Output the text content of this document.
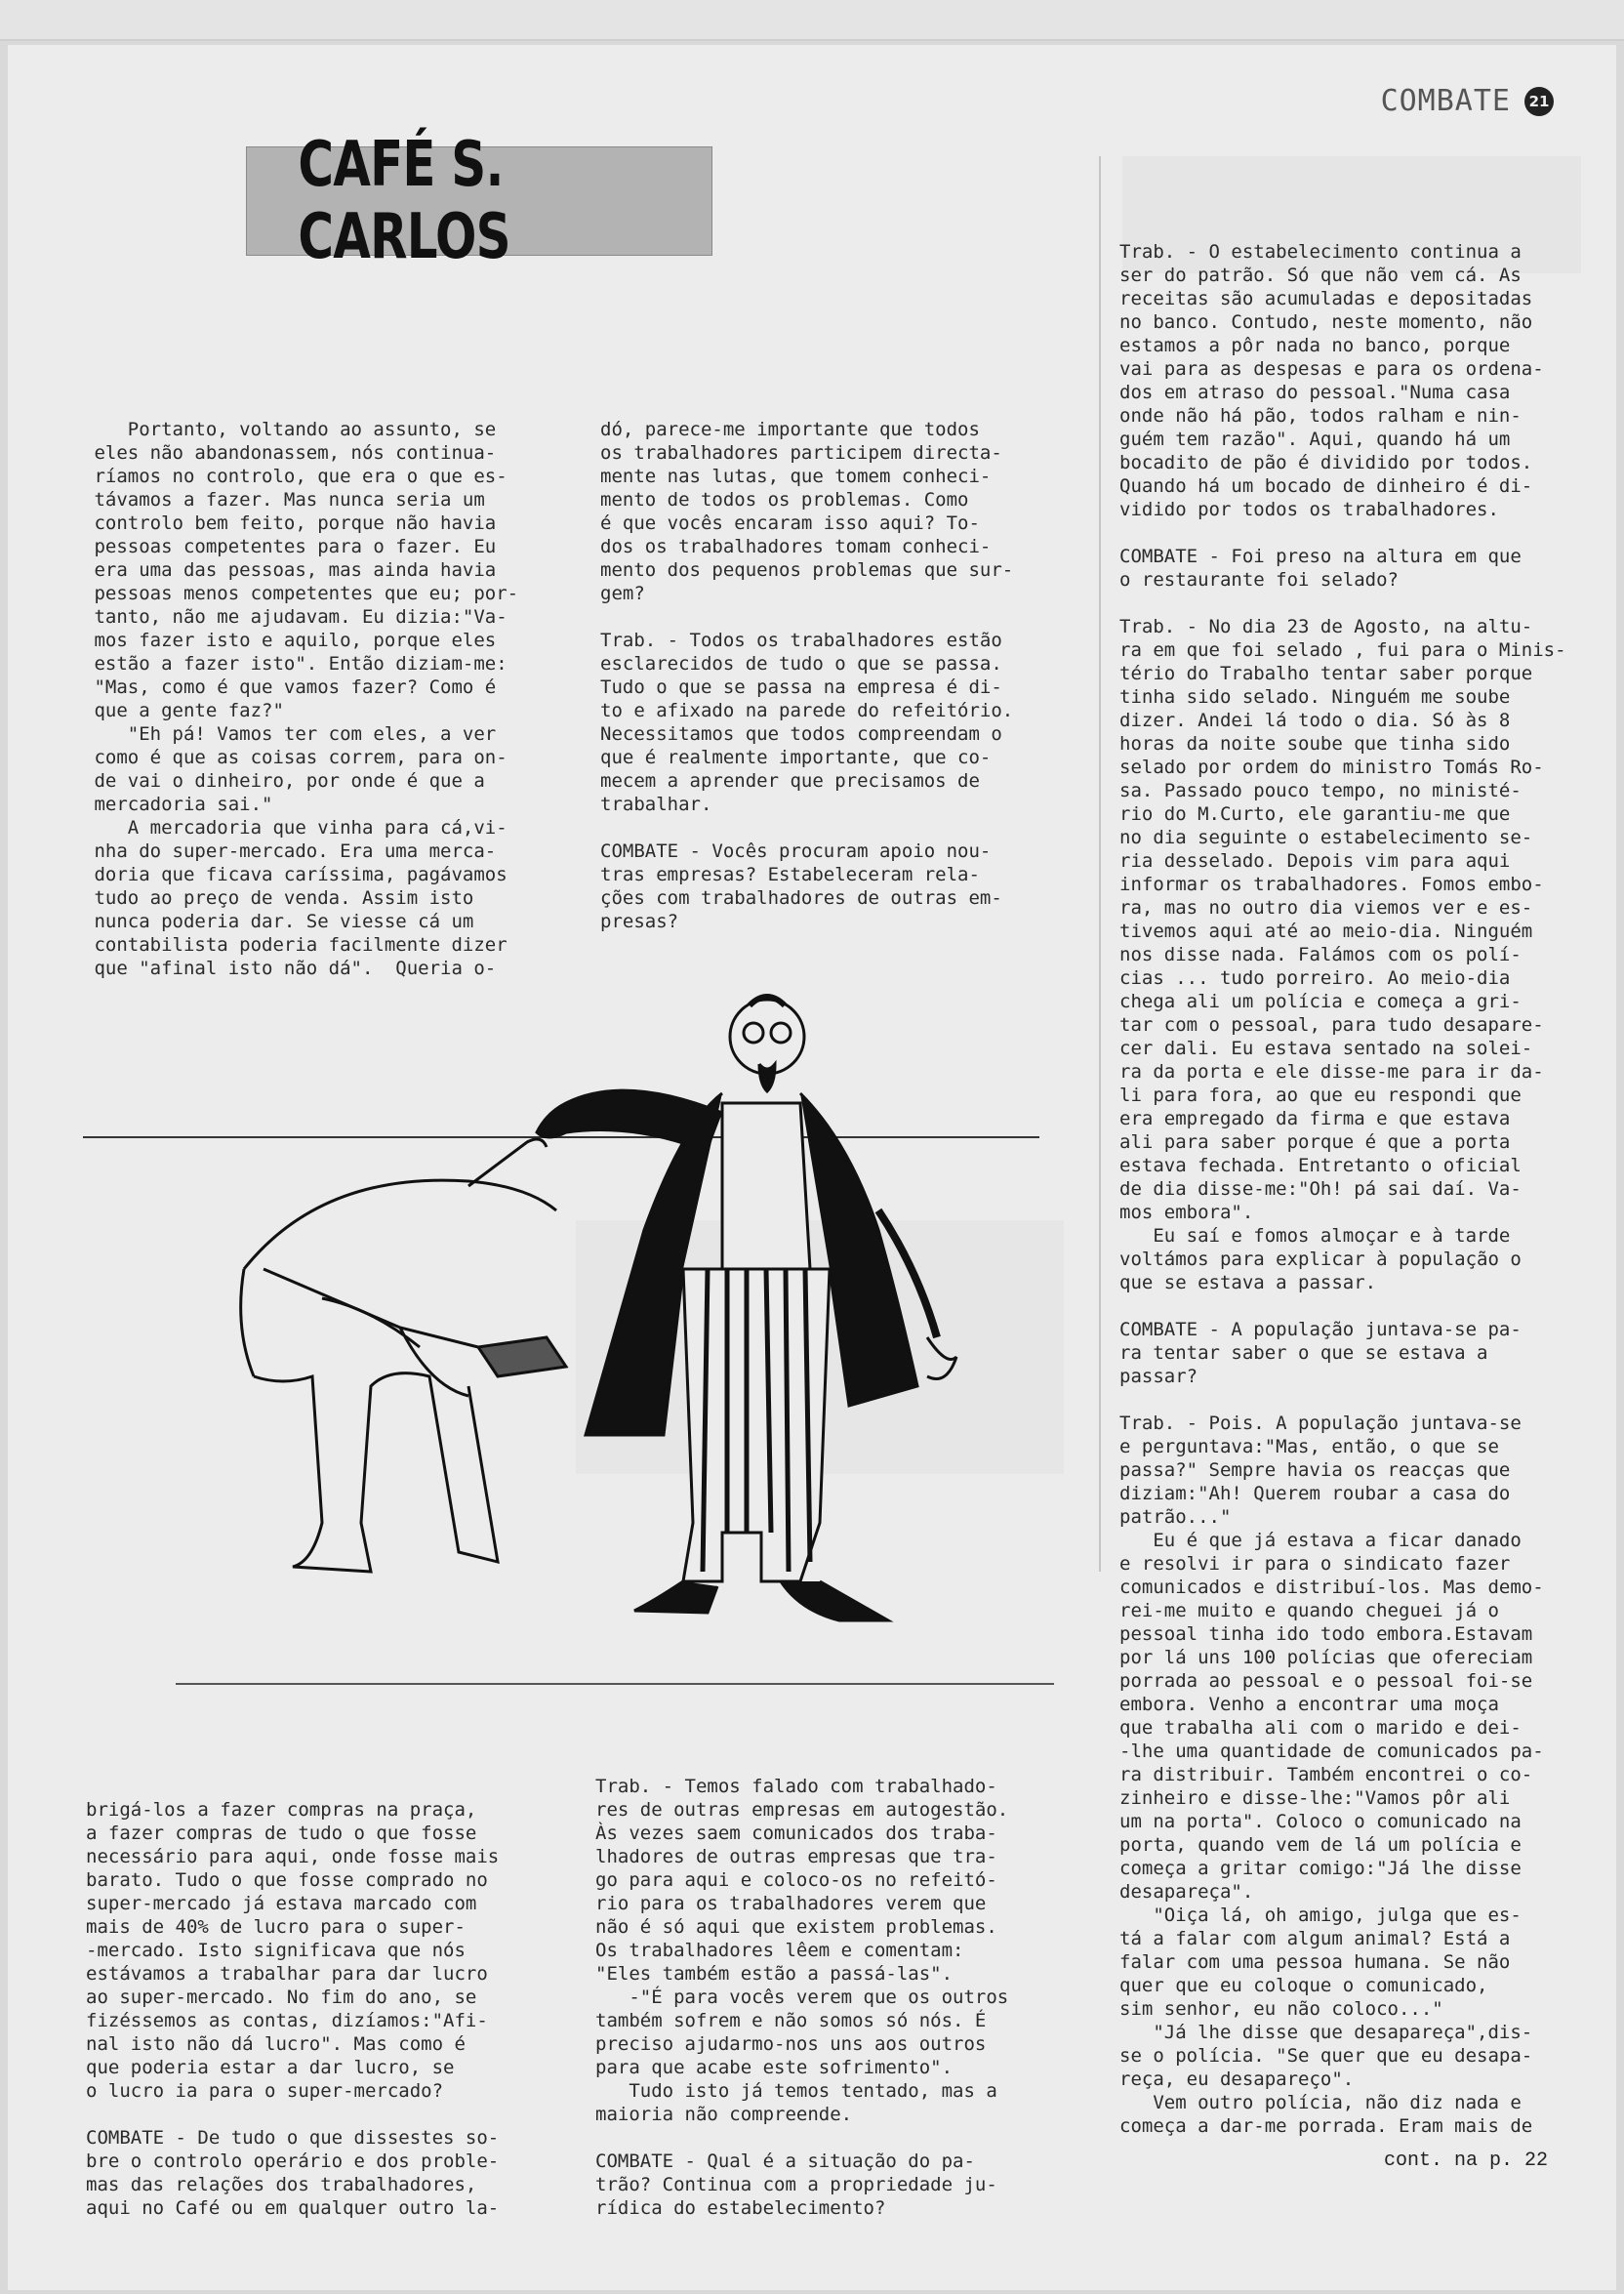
COMBATE	21
CAFÉ S. CARLOS
Portanto, voltando ao assunto, se
eles não abandonassem, nós continua-
ríamos no controlo, que era o que es-
távamos a fazer. Mas nunca seria um
controlo bem feito, porque não havia
pessoas competentes para o fazer. Eu
era uma das pessoas, mas ainda havia
pessoas menos competentes que eu; por-
tanto, não me ajudavam. Eu dizia:"Va-
mos fazer isto e aquilo, porque eles
estão a fazer isto". Então diziam-me:
"Mas, como é que vamos fazer? Como é
que a gente faz?"
"Eh pá! Vamos ter com eles, a ver
como é que as coisas correm, para on-
de vai o dinheiro, por onde é que a
mercadoria sai."
A mercadoria que vinha para cá,vi-
nha do super-mercado. Era uma merca-
doria que ficava caríssima, pagávamos
tudo ao preço de venda. Assim isto
nunca poderia dar. Se viesse cá um
contabilista poderia facilmente dizer
que "afinal isto não dá".  Queria o-
dó, parece-me importante que todos
os trabalhadores participem directa-
mente nas lutas, que tomem conheci-
mento de todos os problemas. Como
é que vocês encaram isso aqui? To-
dos os trabalhadores tomam conheci-
mento dos pequenos problemas que sur-
gem?

Trab. - Todos os trabalhadores estão
esclarecidos de tudo o que se passa.
Tudo o que se passa na empresa é di-
to e afixado na parede do refeitório.
Necessitamos que todos compreendam o
que é realmente importante, que co-
mecem a aprender que precisamos de
trabalhar.

COMBATE - Vocês procuram apoio nou-
tras empresas? Estabeleceram rela-
ções com trabalhadores de outras em-
presas?
Trab. - O estabelecimento continua a
ser do patrão. Só que não vem cá. As
receitas são acumuladas e depositadas
no banco. Contudo, neste momento, não
estamos a pôr nada no banco, porque
vai para as despesas e para os ordena-
dos em atraso do pessoal."Numa casa
onde não há pão, todos ralham e nin-
guém tem razão". Aqui, quando há um
bocadito de pão é dividido por todos.
Quando há um bocado de dinheiro é di-
vidido por todos os trabalhadores.

COMBATE - Foi preso na altura em que
o restaurante foi selado?

Trab. - No dia 23 de Agosto, na altu-
ra em que foi selado , fui para o Minis-
tério do Trabalho tentar saber porque
tinha sido selado. Ninguém me soube
dizer. Andei lá todo o dia. Só às 8
horas da noite soube que tinha sido
selado por ordem do ministro Tomás Ro-
sa. Passado pouco tempo, no ministé-
rio do M.Curto, ele garantiu-me que
no dia seguinte o estabelecimento se-
ria desselado. Depois vim para aqui
informar os trabalhadores. Fomos embo-
ra, mas no outro dia viemos ver e es-
tivemos aqui até ao meio-dia. Ninguém
nos disse nada. Falámos com os polí-
cias ... tudo porreiro. Ao meio-dia
chega ali um polícia e começa a gri-
tar com o pessoal, para tudo desapare-
cer dali. Eu estava sentado na solei-
ra da porta e ele disse-me para ir da-
li para fora, ao que eu respondi que
era empregado da firma e que estava
ali para saber porque é que a porta
estava fechada. Entretanto o oficial
de dia disse-me:"Oh! pá sai daí. Va-
mos embora".
Eu saí e fomos almoçar e à tarde
voltámos para explicar à população o
que se estava a passar.

COMBATE - A população juntava-se pa-
ra tentar saber o que se estava a
passar?

Trab. - Pois. A população juntava-se
e perguntava:"Mas, então, o que se
passa?" Sempre havia os reacças que
diziam:"Ah! Querem roubar a casa do
patrão..."
Eu é que já estava a ficar danado
e resolvi ir para o sindicato fazer
comunicados e distribuí-los. Mas demo-
rei-me muito e quando cheguei já o
pessoal tinha ido todo embora.Estavam
por lá uns 100 polícias que ofereciam
porrada ao pessoal e o pessoal foi-se
embora. Venho a encontrar uma moça
que trabalha ali com o marido e dei-
-lhe uma quantidade de comunicados pa-
ra distribuir. Também encontrei o co-
zinheiro e disse-lhe:"Vamos pôr ali
um na porta". Coloco o comunicado na
porta, quando vem de lá um polícia e
começa a gritar comigo:"Já lhe disse
desapareça".
"Oiça lá, oh amigo, julga que es-
tá a falar com algum animal? Está a
falar com uma pessoa humana. Se não
quer que eu coloque o comunicado,
sim senhor, eu não coloco..."
"Já lhe disse que desapareça",dis-
se o polícia. "Se quer que eu desapa-
reça, eu desapareço".
Vem outro polícia, não diz nada e
começa a dar-me porrada. Eram mais de
brigá-los a fazer compras na praça,
a fazer compras de tudo o que fosse
necessário para aqui, onde fosse mais
barato. Tudo o que fosse comprado no
super-mercado já estava marcado com
mais de 40% de lucro para o super-
-mercado. Isto significava que nós
estávamos a trabalhar para dar lucro
ao super-mercado. No fim do ano, se
fizéssemos as contas, dizíamos:"Afi-
nal isto não dá lucro". Mas como é
que poderia estar a dar lucro, se
o lucro ia para o super-mercado?

COMBATE - De tudo o que dissestes so-
bre o controlo operário e dos proble-
mas das relações dos trabalhadores,
aqui no Café ou em qualquer outro la-
Trab. - Temos falado com trabalhado-
res de outras empresas em autogestão.
Às vezes saem comunicados dos traba-
lhadores de outras empresas que tra-
go para aqui e coloco-os no refeitó-
rio para os trabalhadores verem que
não é só aqui que existem problemas.
Os trabalhadores lêem e comentam:
"Eles também estão a passá-las".
-"É para vocês verem que os outros
também sofrem e não somos só nós. É
preciso ajudarmo-nos uns aos outros
para que acabe este sofrimento".
Tudo isto já temos tentado, mas a
maioria não compreende.

COMBATE - Qual é a situação do pa-
trão? Continua com a propriedade ju-
rídica do estabelecimento?
cont. na p. 22
